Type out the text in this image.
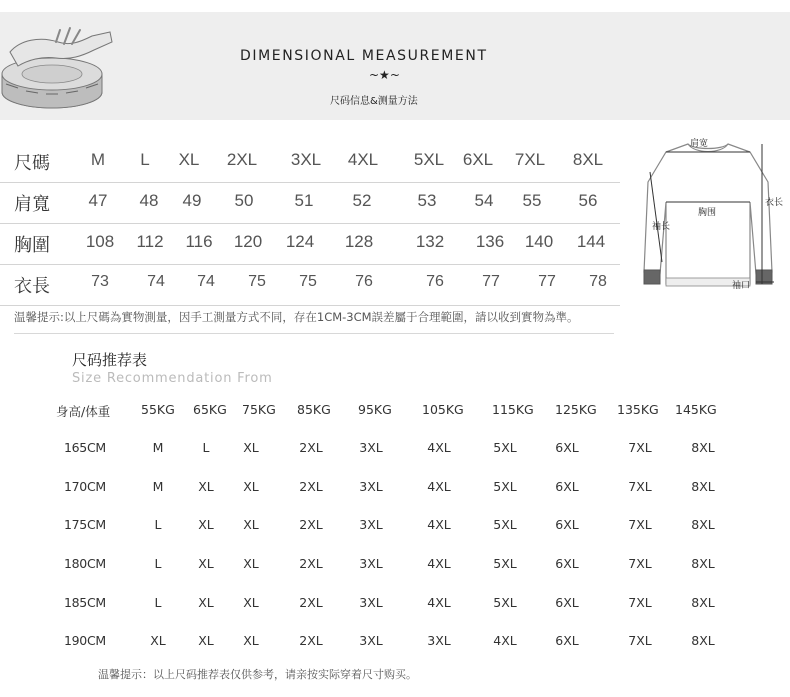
DIMENSIONAL MEASUREMENT
~★~
尺码信息&测量方法
尺碼	M	L	XL	2XL	3XL	4XL	5XL	6XL	7XL	8XL
肩寬	47	48	49	50	51	52	53	54	55	56
胸圍	108	112	116	120	124	128	132	136	140	144
衣長	73	74	74	75	75	76	76	77	77	78
肩宽
胸围
袖长
衣长
袖口
温馨提示:以上尺碼為實物測量，因手工測量方式不同，存在1CM-3CM誤差屬于合理範圍，請以收到實物為準。
尺码推荐表
Size Recommendation From
身高/体重 55KG 65KG 75KG 85KG 95KG 105KG 115KG 125KG 135KG 145KG
165CM	M	L	XL	2XL	3XL	4XL	5XL	6XL	7XL	8XL
170CM	M	XL	XL	2XL	3XL	4XL	5XL	6XL	7XL	8XL
175CM	L	XL	XL	2XL	3XL	4XL	5XL	6XL	7XL	8XL
180CM	L	XL	XL	2XL	3XL	4XL	5XL	6XL	7XL	8XL
185CM	L	XL	XL	2XL	3XL	4XL	5XL	6XL	7XL	8XL
190CM	XL	XL	XL	2XL	3XL	3XL	4XL	6XL	7XL	8XL
温馨提示：以上尺码推荐表仅供参考，请亲按实际穿着尺寸购买。
